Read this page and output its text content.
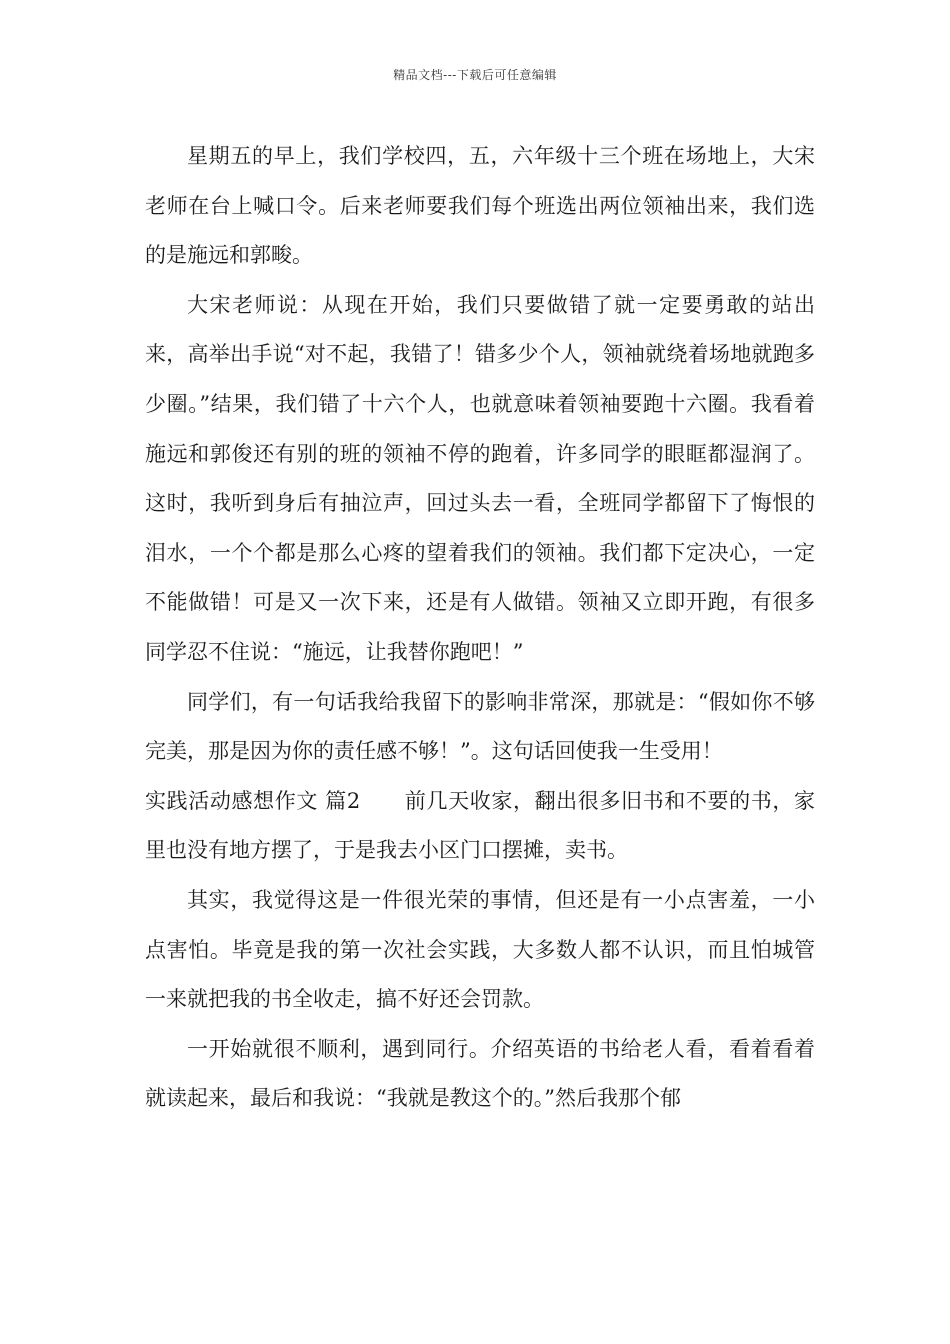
精品文档---下载后可任意编辑

星期五的早上，我们学校四，五，六年级十三个班在场地上，大宋老师在台上喊口令。后来老师要我们每个班选出两位领袖出来，我们选的是施远和郭畯。

大宋老师说：从现在开始，我们只要做错了就一定要勇敢的站出来，高举出手说“对不起，我错了！错多少个人，领袖就绕着场地就跑多少圈。”结果，我们错了十六个人，也就意味着领袖要跑十六圈。我看着施远和郭俊还有别的班的领袖不停的跑着，许多同学的眼眶都湿润了。这时，我听到身后有抽泣声，回过头去一看，全班同学都留下了悔恨的泪水，一个个都是那么心疼的望着我们的领袖。我们都下定决心，一定不能做错！可是又一次下来，还是有人做错。领袖又立即开跑，有很多同学忍不住说：“施远，让我替你跑吧！”

同学们，有一句话我给我留下的影响非常深，那就是：“假如你不够完美，那是因为你的责任感不够！”。这句话回使我一生受用！

实践活动感想作文 篇2 前几天收家，翻出很多旧书和不要的书，家里也没有地方摆了，于是我去小区门口摆摊，卖书。

其实，我觉得这是一件很光荣的事情，但还是有一小点害羞，一小点害怕。毕竟是我的第一次社会实践，大多数人都不认识，而且怕城管一来就把我的书全收走，搞不好还会罚款。

一开始就很不顺利，遇到同行。介绍英语的书给老人看，看着看着就读起来，最后和我说：“我就是教这个的。”然后我那个郁
